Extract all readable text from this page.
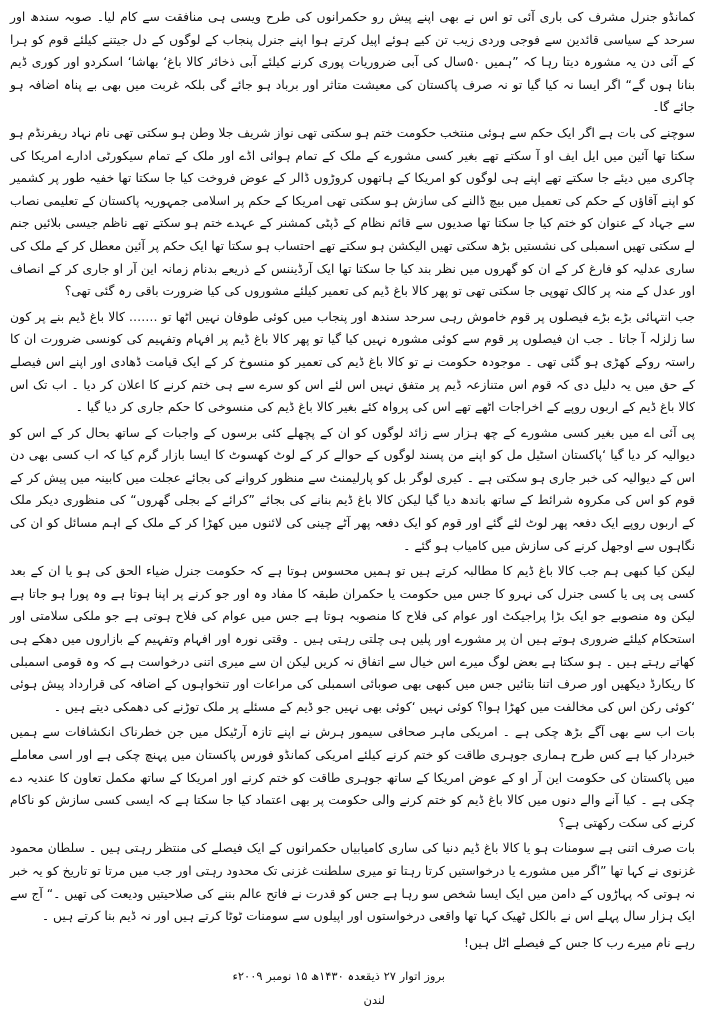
کمانڈو جنرل مشرف کی باری آئی تو اس نے بھی اپنے پیش رو حکمرانوں کی طرح ویسی ہی منافقت سے کام لیا۔ صوبہ سندھ اور سرحد کے سیاسی قائدین سے فوجی وردی زیب تن کیے ہوئے اپیل کرتے ہوا اپنے جنرل پنجاب کے لوگوں کے دل جیتنے کیلئے قوم کو ہرا کے آئی دن یہ مشورہ دیتا رہا کہ ”ہمیں ۵۰سال کی آبی ضروریات پوری کرنے کیلئے آبی ذخائر کالا باغ‘ بھاشا‘ اسکردو اور کوری ڈیم بنانا ہوں گے“ اگر ایسا نہ کیا گیا تو نہ صرف پاکستان کی معیشت متاثر اور برباد ہو جائے گی بلکہ غربت میں بھی بے پناہ اضافہ ہو جائے گا۔

سوچنے کی بات ہے اگر ایک حکم سے ہوئی منتخب حکومت ختم ہو سکتی تھی نواز شریف جلا وطن ہو سکتی تھی نام نہاد ریفرنڈم ہو سکتا تھا آئین میں ایل ایف او آ سکتے تھے بغیر کسی مشورے کے ملک کے تمام ہوائی اڈے اور ملک کے تمام سیکورٹی ادارے امریکا کی چاکری میں دیئے جا سکتے تھے اپنے ہی لوگوں کو امریکا کے ہاتھوں کروڑوں ڈالر کے عوض فروخت کیا جا سکتا تھا خفیہ طور پر کشمیر کو اپنے آقاؤں کے حکم کی تعمیل میں بیچ ڈالنے کی سازش ہو سکتی تھی امریکا کے حکم پر اسلامی جمہوریہ پاکستان کے تعلیمی نصاب سے جہاد کے عنوان کو ختم کیا جا سکتا تھا صدیوں سے قائم نظام کے ڈپٹی کمشنر کے عہدے ختم ہو سکتے تھے ناظم جیسی بلائیں جنم لے سکتی تھیں اسمبلی کی نشستیں بڑھ سکتی تھیں الیکشن ہو سکتے تھے احتساب ہو سکتا تھا ایک حکم پر آئین معطل کر کے ملک کی ساری عدلیہ کو فارغ کر کے ان کو گھروں میں نظر بند کیا جا سکتا تھا ایک آرڈیننس کے ذریعے بدنام زمانہ این آر او جاری کر کے انصاف اور عدل کے منہ پر کالک تھوپی جا سکتی تھی تو پھر کالا باغ ڈیم کی تعمیر کیلئے مشوروں کی کیا ضرورت باقی رہ گئی تھی؟

جب انتہائی بڑے بڑے فیصلوں پر قوم خاموش رہی سرحد سندھ اور پنجاب میں کوئی طوفان نہیں اٹھا تو ……. کالا باغ ڈیم بنے پر کون سا زلزلہ آ جاتا ۔ جب ان فیصلوں پر قوم سے کوئی مشورہ نہیں کیا گیا تو پھر کالا باغ ڈیم پر افہام وتفہیم کی کونسی ضرورت ان کا راستہ روکے کھڑی ہو گئی تھی ۔ موجودہ حکومت نے تو کالا باغ ڈیم کی تعمیر کو منسوخ کر کے ایک قیامت ڈھادی اور اپنے اس فیصلے کے حق میں یہ دلیل دی کہ قوم اس متنازعہ ڈیم پر متفق نہیں اس لئے اس کو سرے سے ہی ختم کرنے کا اعلان کر دیا ۔ اب تک اس کالا باغ ڈیم کے اربوں روپے کے اخراجات اٹھے تھے اس کی پرواہ کئے بغیر کالا باغ ڈیم کی منسوخی کا حکم جاری کر دیا گیا ۔

پی آئی اے میں بغیر کسی مشورے کے چھ ہزار سے زائد لوگوں کو ان کے پچھلے کئی برسوں کے واجبات کے ساتھ بحال کر کے اس کو دیوالیہ کر دیا گیا ‘پاکستان اسٹیل مل کو اپنے من پسند لوگوں کے حوالے کر کے لوٹ کھسوٹ کا ایسا بازار گرم کیا کہ اب کسی بھی دن اس کے دیوالیہ کی خبر جاری ہو سکتی ہے ۔ کیری لوگر بل کو پارلیمنٹ سے منظور کروانے کی بجائے عجلت میں کابینہ میں پیش کر کے قوم کو اس کی مکروہ شرائط کے ساتھ باندھ دیا گیا لیکن کالا باغ ڈیم بنانے کی بجائے ”کرائے کے بجلی گھروں“ کی منظوری دیکر ملک کے اربوں روپے ایک دفعہ پھر لوٹ لئے گئے اور قوم کو ایک دفعہ پھر آٹے چینی کی لائنوں میں کھڑا کر کے ملک کے اہم مسائل کو ان کی نگاہوں سے اوجھل کرنے کی سازش میں کامیاب ہو گئے ۔

لیکن کیا کبھی ہم جب کالا باغ ڈیم کا مطالبہ کرتے ہیں تو ہمیں محسوس ہوتا ہے کہ حکومت جنرل ضیاء الحق کی ہو یا ان کے بعد کسی پی پی یا کسی جنرل کی نہرو کا جس میں حکومت یا حکمران طبقہ کا مفاد وہ اور جو کرنے پر اپنا ہوتا ہے وہ پورا ہو جاتا ہے لیکن وہ منصوبے جو ایک بڑا پراجیکٹ اور عوام کی فلاح کا منصوبہ ہوتا ہے جس میں عوام کی فلاح ہوتی ہے جو ملکی سلامتی اور استحکام کیلئے ضروری ہوتے ہیں ان پر مشورے اور پلیں ہی چلتی رہتی ہیں ۔ وقتی نورہ اور افہام وتفہیم کے بازاروں میں دھکے ہی کھاتے رہتے ہیں ۔ ہو سکتا ہے بعض لوگ میرے اس خیال سے اتفاق نہ کریں لیکن ان سے میری اتنی درخواست ہے کہ وہ قومی اسمبلی کا ریکارڈ دیکھیں اور صرف اتنا بتائیں جس میں کبھی بھی صوبائی اسمبلی کی مراعات اور تنخواہوں کے اضافہ کی قرارداد پیش ہوئی ‘کوئی رکن اس کی مخالفت میں کھڑا ہوا؟ کوئی نہیں ‘کوئی بھی نہیں جو ڈیم کے مسئلے پر ملک توڑنے کی دھمکی دیتے ہیں ۔

بات اب سے بھی آگے بڑھ چکی ہے ۔ امریکی ماہر صحافی سیمور ہرش نے اپنے تازہ آرٹیکل میں جن خطرناک انکشافات سے ہمیں خبردار کیا ہے کس طرح ہماری جوہری طاقت کو ختم کرنے کیلئے امریکی کمانڈو فورس پاکستان میں پہنچ چکی ہے اور اسی معاملے میں پاکستان کی حکومت این آر او کے عوض امریکا کے ساتھ جوہری طاقت کو ختم کرنے اور امریکا کے ساتھ مکمل تعاون کا عندیہ دے چکی ہے ۔ کیا آنے والے دنوں میں کالا باغ ڈیم کو ختم کرنے والی حکومت پر بھی اعتماد کیا جا سکتا ہے کہ ایسی کسی سازش کو ناکام کرنے کی سکت رکھتی ہے؟

بات صرف اتنی ہے سومنات ہو یا کالا باغ ڈیم دنیا کی ساری کامیابیاں حکمرانوں کے ایک فیصلے کی منتظر رہتی ہیں ۔ سلطان محمود غزنوی نے کہا تھا ”اگر میں مشورے یا درخواستیں کرتا رہتا تو میری سلطنت غزنی تک محدود رہتی اور جب میں مرتا تو تاریخ کو یہ خبر نہ ہوتی کہ پہاڑوں کے دامن میں ایک ایسا شخص سو رہا ہے جس کو قدرت نے فاتح عالم بننے کی صلاحیتیں ودیعت کی تھیں ۔“ آج سے ایک ہزار سال پہلے اس نے بالکل ٹھیک کہا تھا واقعی درخواستوں اور اپیلوں سے سومنات ٹوٹا کرتے ہیں اور نہ ڈیم بنا کرتے ہیں ۔

رہے نام میرے رب کا جس کے فیصلے اٹل ہیں!

بروز اتوار ۲۷ ذیقعدہ ۱۴۳۰ھ ۱۵ نومبر ۲۰۰۹ء
لندن
